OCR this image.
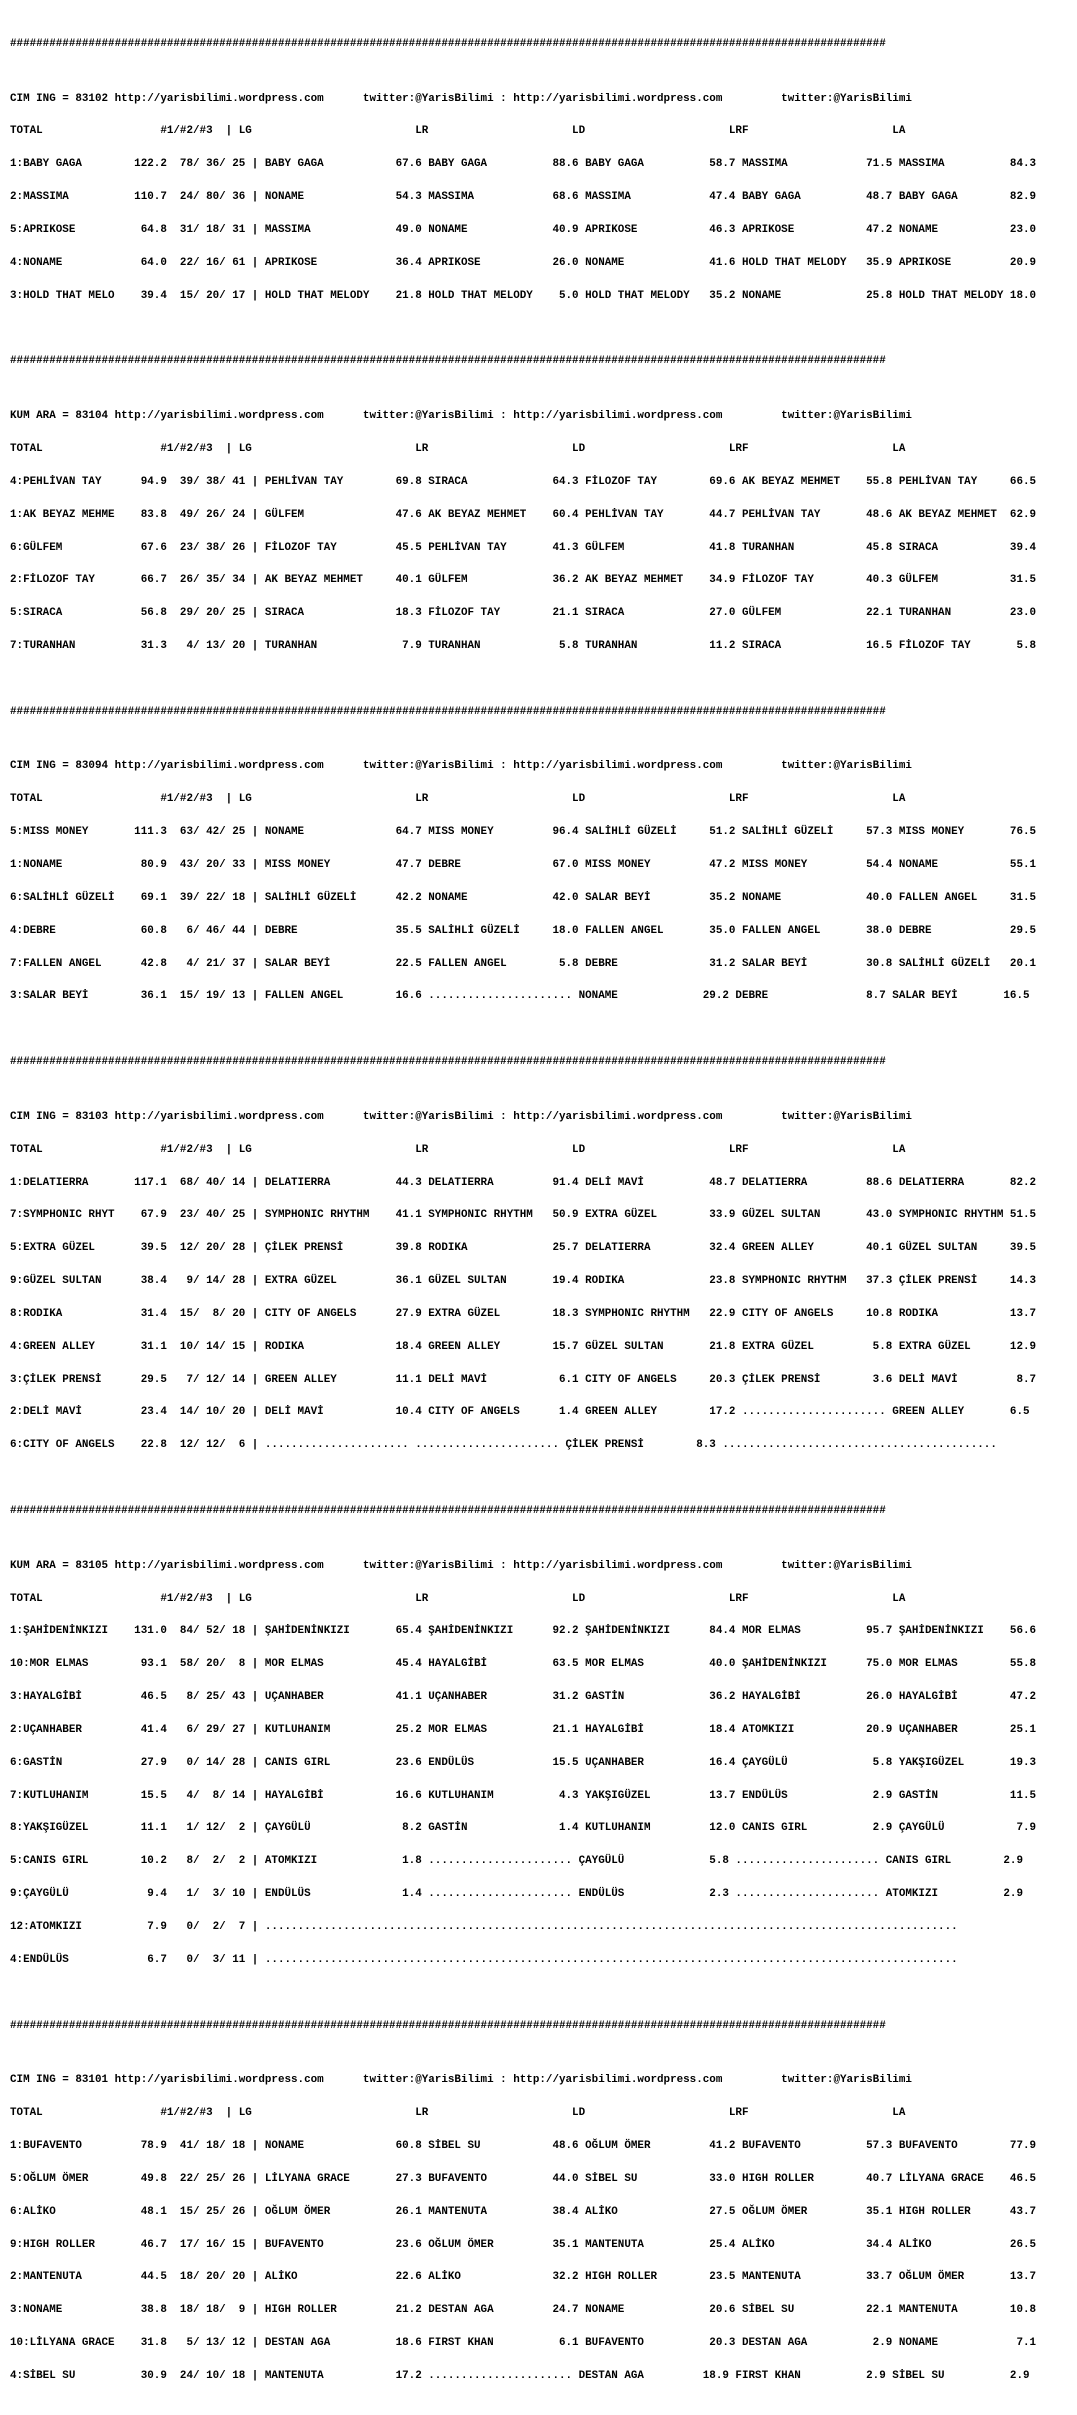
######################################################################################################################################

CIM ING = 83102 http://yarisbilimi.wordpress.com      twitter:@YarisBilimi : http://yarisbilimi.wordpress.com         twitter:@YarisBilimi

TOTAL                  #1/#2/#3  | LG                         LR                      LD                      LRF                      LA

1:BABY GAGA        122.2  78/ 36/ 25 | BABY GAGA           67.6 BABY GAGA          88.6 BABY GAGA          58.7 MASSIMA            71.5 MASSIMA          84.3

2:MASSIMA          110.7  24/ 80/ 36 | NONAME              54.3 MASSIMA            68.6 MASSIMA            47.4 BABY GAGA          48.7 BABY GAGA        82.9

5:APRIKOSE          64.8  31/ 18/ 31 | MASSIMA             49.0 NONAME             40.9 APRIKOSE           46.3 APRIKOSE           47.2 NONAME           23.0

4:NONAME            64.0  22/ 16/ 61 | APRIKOSE            36.4 APRIKOSE           26.0 NONAME             41.6 HOLD THAT MELODY   35.9 APRIKOSE         20.9

3:HOLD THAT MELO    39.4  15/ 20/ 17 | HOLD THAT MELODY    21.8 HOLD THAT MELODY    5.0 HOLD THAT MELODY   35.2 NONAME             25.8 HOLD THAT MELODY 18.0

######################################################################################################################################

KUM ARA = 83104 http://yarisbilimi.wordpress.com      twitter:@YarisBilimi : http://yarisbilimi.wordpress.com         twitter:@YarisBilimi

TOTAL                  #1/#2/#3  | LG                         LR                      LD                      LRF                      LA

4:PEHLİVAN TAY      94.9  39/ 38/ 41 | PEHLİVAN TAY        69.8 SIRACA             64.3 FİLOZOF TAY        69.6 AK BEYAZ MEHMET    55.8 PEHLİVAN TAY     66.5

1:AK BEYAZ MEHME    83.8  49/ 26/ 24 | GÜLFEM              47.6 AK BEYAZ MEHMET    60.4 PEHLİVAN TAY       44.7 PEHLİVAN TAY       48.6 AK BEYAZ MEHMET  62.9

6:GÜLFEM            67.6  23/ 38/ 26 | FİLOZOF TAY         45.5 PEHLİVAN TAY       41.3 GÜLFEM             41.8 TURANHAN           45.8 SIRACA           39.4

2:FİLOZOF TAY       66.7  26/ 35/ 34 | AK BEYAZ MEHMET     40.1 GÜLFEM             36.2 AK BEYAZ MEHMET    34.9 FİLOZOF TAY        40.3 GÜLFEM           31.5

5:SIRACA            56.8  29/ 20/ 25 | SIRACA              18.3 FİLOZOF TAY        21.1 SIRACA             27.0 GÜLFEM             22.1 TURANHAN         23.0

7:TURANHAN          31.3   4/ 13/ 20 | TURANHAN             7.9 TURANHAN            5.8 TURANHAN           11.2 SIRACA             16.5 FİLOZOF TAY       5.8

######################################################################################################################################

CIM ING = 83094 http://yarisbilimi.wordpress.com      twitter:@YarisBilimi : http://yarisbilimi.wordpress.com         twitter:@YarisBilimi

TOTAL                  #1/#2/#3  | LG                         LR                      LD                      LRF                      LA

5:MISS MONEY       111.3  63/ 42/ 25 | NONAME              64.7 MISS MONEY         96.4 SALİHLİ GÜZELİ     51.2 SALİHLİ GÜZELİ     57.3 MISS MONEY       76.5

1:NONAME            80.9  43/ 20/ 33 | MISS MONEY          47.7 DEBRE              67.0 MISS MONEY         47.2 MISS MONEY         54.4 NONAME           55.1

6:SALİHLİ GÜZELİ    69.1  39/ 22/ 18 | SALİHLİ GÜZELİ      42.2 NONAME             42.0 SALAR BEYİ         35.2 NONAME             40.0 FALLEN ANGEL     31.5

4:DEBRE             60.8   6/ 46/ 44 | DEBRE               35.5 SALİHLİ GÜZELİ     18.0 FALLEN ANGEL       35.0 FALLEN ANGEL       38.0 DEBRE            29.5

7:FALLEN ANGEL      42.8   4/ 21/ 37 | SALAR BEYİ          22.5 FALLEN ANGEL        5.8 DEBRE              31.2 SALAR BEYİ         30.8 SALİHLİ GÜZELİ   20.1

3:SALAR BEYİ        36.1  15/ 19/ 13 | FALLEN ANGEL        16.6 ...................... NONAME             29.2 DEBRE               8.7 SALAR BEYİ       16.5

######################################################################################################################################

CIM ING = 83103 http://yarisbilimi.wordpress.com      twitter:@YarisBilimi : http://yarisbilimi.wordpress.com         twitter:@YarisBilimi

TOTAL                  #1/#2/#3  | LG                         LR                      LD                      LRF                      LA

1:DELATIERRA       117.1  68/ 40/ 14 | DELATIERRA          44.3 DELATIERRA         91.4 DELİ MAVİ          48.7 DELATIERRA         88.6 DELATIERRA       82.2

7:SYMPHONIC RHYT    67.9  23/ 40/ 25 | SYMPHONIC RHYTHM    41.1 SYMPHONIC RHYTHM   50.9 EXTRA GÜZEL        33.9 GÜZEL SULTAN       43.0 SYMPHONIC RHYTHM 51.5

5:EXTRA GÜZEL       39.5  12/ 20/ 28 | ÇİLEK PRENSİ        39.8 RODIKA             25.7 DELATIERRA         32.4 GREEN ALLEY        40.1 GÜZEL SULTAN     39.5

9:GÜZEL SULTAN      38.4   9/ 14/ 28 | EXTRA GÜZEL         36.1 GÜZEL SULTAN       19.4 RODIKA             23.8 SYMPHONIC RHYTHM   37.3 ÇİLEK PRENSİ     14.3

8:RODIKA            31.4  15/  8/ 20 | CITY OF ANGELS      27.9 EXTRA GÜZEL        18.3 SYMPHONIC RHYTHM   22.9 CITY OF ANGELS     10.8 RODIKA           13.7

4:GREEN ALLEY       31.1  10/ 14/ 15 | RODIKA              18.4 GREEN ALLEY        15.7 GÜZEL SULTAN       21.8 EXTRA GÜZEL         5.8 EXTRA GÜZEL      12.9

3:ÇİLEK PRENSİ      29.5   7/ 12/ 14 | GREEN ALLEY         11.1 DELİ MAVİ           6.1 CITY OF ANGELS     20.3 ÇİLEK PRENSİ        3.6 DELİ MAVİ         8.7

2:DELİ MAVİ         23.4  14/ 10/ 20 | DELİ MAVİ           10.4 CITY OF ANGELS      1.4 GREEN ALLEY        17.2 ...................... GREEN ALLEY       6.5

6:CITY OF ANGELS    22.8  12/ 12/  6 | ...................... ...................... ÇİLEK PRENSİ        8.3 ..........................................

######################################################################################################################################

KUM ARA = 83105 http://yarisbilimi.wordpress.com      twitter:@YarisBilimi : http://yarisbilimi.wordpress.com         twitter:@YarisBilimi

TOTAL                  #1/#2/#3  | LG                         LR                      LD                      LRF                      LA

1:ŞAHİDENİNKIZI    131.0  84/ 52/ 18 | ŞAHİDENİNKIZI       65.4 ŞAHİDENİNKIZI      92.2 ŞAHİDENİNKIZI      84.4 MOR ELMAS          95.7 ŞAHİDENİNKIZI    56.6

10:MOR ELMAS        93.1  58/ 20/  8 | MOR ELMAS           45.4 HAYALGİBİ          63.5 MOR ELMAS          40.0 ŞAHİDENİNKIZI      75.0 MOR ELMAS        55.8

3:HAYALGİBİ         46.5   8/ 25/ 43 | UÇANHABER           41.1 UÇANHABER          31.2 GASTİN             36.2 HAYALGİBİ          26.0 HAYALGİBİ        47.2

2:UÇANHABER         41.4   6/ 29/ 27 | KUTLUHANIM          25.2 MOR ELMAS          21.1 HAYALGİBİ          18.4 ATOMKIZI           20.9 UÇANHABER        25.1

6:GASTİN            27.9   0/ 14/ 28 | CANIS GIRL          23.6 ENDÜLÜS            15.5 UÇANHABER          16.4 ÇAYGÜLÜ             5.8 YAKŞIGÜZEL       19.3

7:KUTLUHANIM        15.5   4/  8/ 14 | HAYALGİBİ           16.6 KUTLUHANIM          4.3 YAKŞIGÜZEL         13.7 ENDÜLÜS             2.9 GASTİN           11.5

8:YAKŞIGÜZEL        11.1   1/ 12/  2 | ÇAYGÜLÜ              8.2 GASTİN              1.4 KUTLUHANIM         12.0 CANIS GIRL          2.9 ÇAYGÜLÜ           7.9

5:CANIS GIRL        10.2   8/  2/  2 | ATOMKIZI             1.8 ...................... ÇAYGÜLÜ             5.8 ...................... CANIS GIRL        2.9

9:ÇAYGÜLÜ            9.4   1/  3/ 10 | ENDÜLÜS              1.4 ...................... ENDÜLÜS             2.3 ...................... ATOMKIZI          2.9

12:ATOMKIZI          7.9   0/  2/  7 | ..........................................................................................................

4:ENDÜLÜS            6.7   0/  3/ 11 | ..........................................................................................................

######################################################################################################################################

CIM ING = 83101 http://yarisbilimi.wordpress.com      twitter:@YarisBilimi : http://yarisbilimi.wordpress.com         twitter:@YarisBilimi

TOTAL                  #1/#2/#3  | LG                         LR                      LD                      LRF                      LA

1:BUFAVENTO         78.9  41/ 18/ 18 | NONAME              60.8 SİBEL SU           48.6 OĞLUM ÖMER         41.2 BUFAVENTO          57.3 BUFAVENTO        77.9

5:OĞLUM ÖMER        49.8  22/ 25/ 26 | LİLYANA GRACE       27.3 BUFAVENTO          44.0 SİBEL SU           33.0 HIGH ROLLER        40.7 LİLYANA GRACE    46.5

6:ALİKO             48.1  15/ 25/ 26 | OĞLUM ÖMER          26.1 MANTENUTA          38.4 ALİKO              27.5 OĞLUM ÖMER         35.1 HIGH ROLLER      43.7

9:HIGH ROLLER       46.7  17/ 16/ 15 | BUFAVENTO           23.6 OĞLUM ÖMER         35.1 MANTENUTA          25.4 ALİKO              34.4 ALİKO            26.5

2:MANTENUTA         44.5  18/ 20/ 20 | ALİKO               22.6 ALİKO              32.2 HIGH ROLLER        23.5 MANTENUTA          33.7 OĞLUM ÖMER       13.7

3:NONAME            38.8  18/ 18/  9 | HIGH ROLLER         21.2 DESTAN AGA         24.7 NONAME             20.6 SİBEL SU           22.1 MANTENUTA        10.8

10:LİLYANA GRACE    31.8   5/ 13/ 12 | DESTAN AGA          18.6 FIRST KHAN          6.1 BUFAVENTO          20.3 DESTAN AGA          2.9 NONAME            7.1

4:SİBEL SU          30.9  24/ 10/ 18 | MANTENUTA           17.2 ...................... DESTAN AGA         18.9 FIRST KHAN          2.9 SİBEL SU          2.9
